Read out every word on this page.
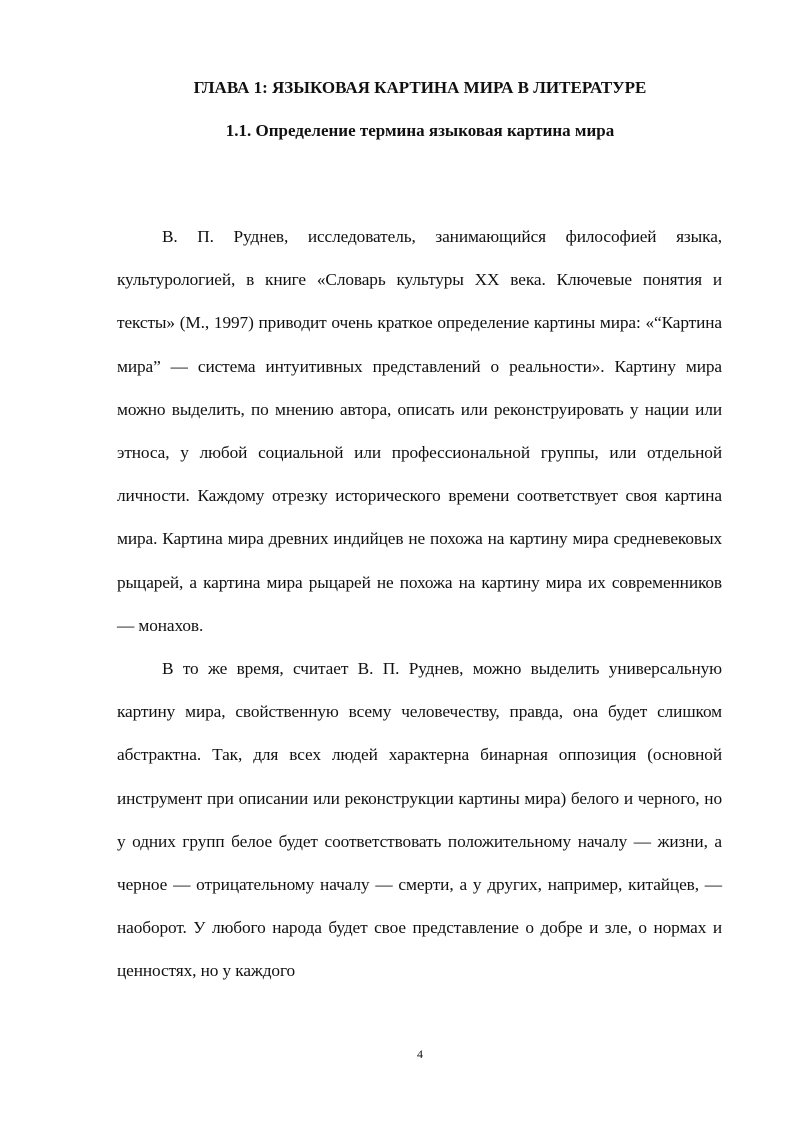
ГЛАВА 1: ЯЗЫКОВАЯ КАРТИНА МИРА В ЛИТЕРАТУРЕ
1.1. Определение термина языковая картина мира

В. П. Руднев, исследователь, занимающийся философией языка, культурологией, в книге «Словарь культуры XX века. Ключевые понятия и тексты» (М., 1997) приводит очень краткое определение картины мира: «“Картина мира” — система интуитивных представлений о реальности». Картину мира можно выделить, по мнению автора, описать или реконструировать у нации или этноса, у любой социальной или профессиональной группы, или отдельной личности. Каждому отрезку исторического времени соответствует своя картина мира. Картина мира древних индийцев не похожа на картину мира средневековых рыцарей, а картина мира рыцарей не похожа на картину мира их современников — монахов.

В то же время, считает В. П. Руднев, можно выделить универсальную картину мира, свойственную всему человечеству, правда, она будет слишком абстрактна. Так, для всех людей характерна бинарная оппозиция (основной инструмент при описании или реконструкции картины мира) белого и черного, но у одних групп белое будет соответствовать положительному началу — жизни, а черное — отрицательному началу — смерти, а у других, например, китайцев, — наоборот. У любого народа будет свое представление о добре и зле, о нормах и ценностях, но у каждого

4
